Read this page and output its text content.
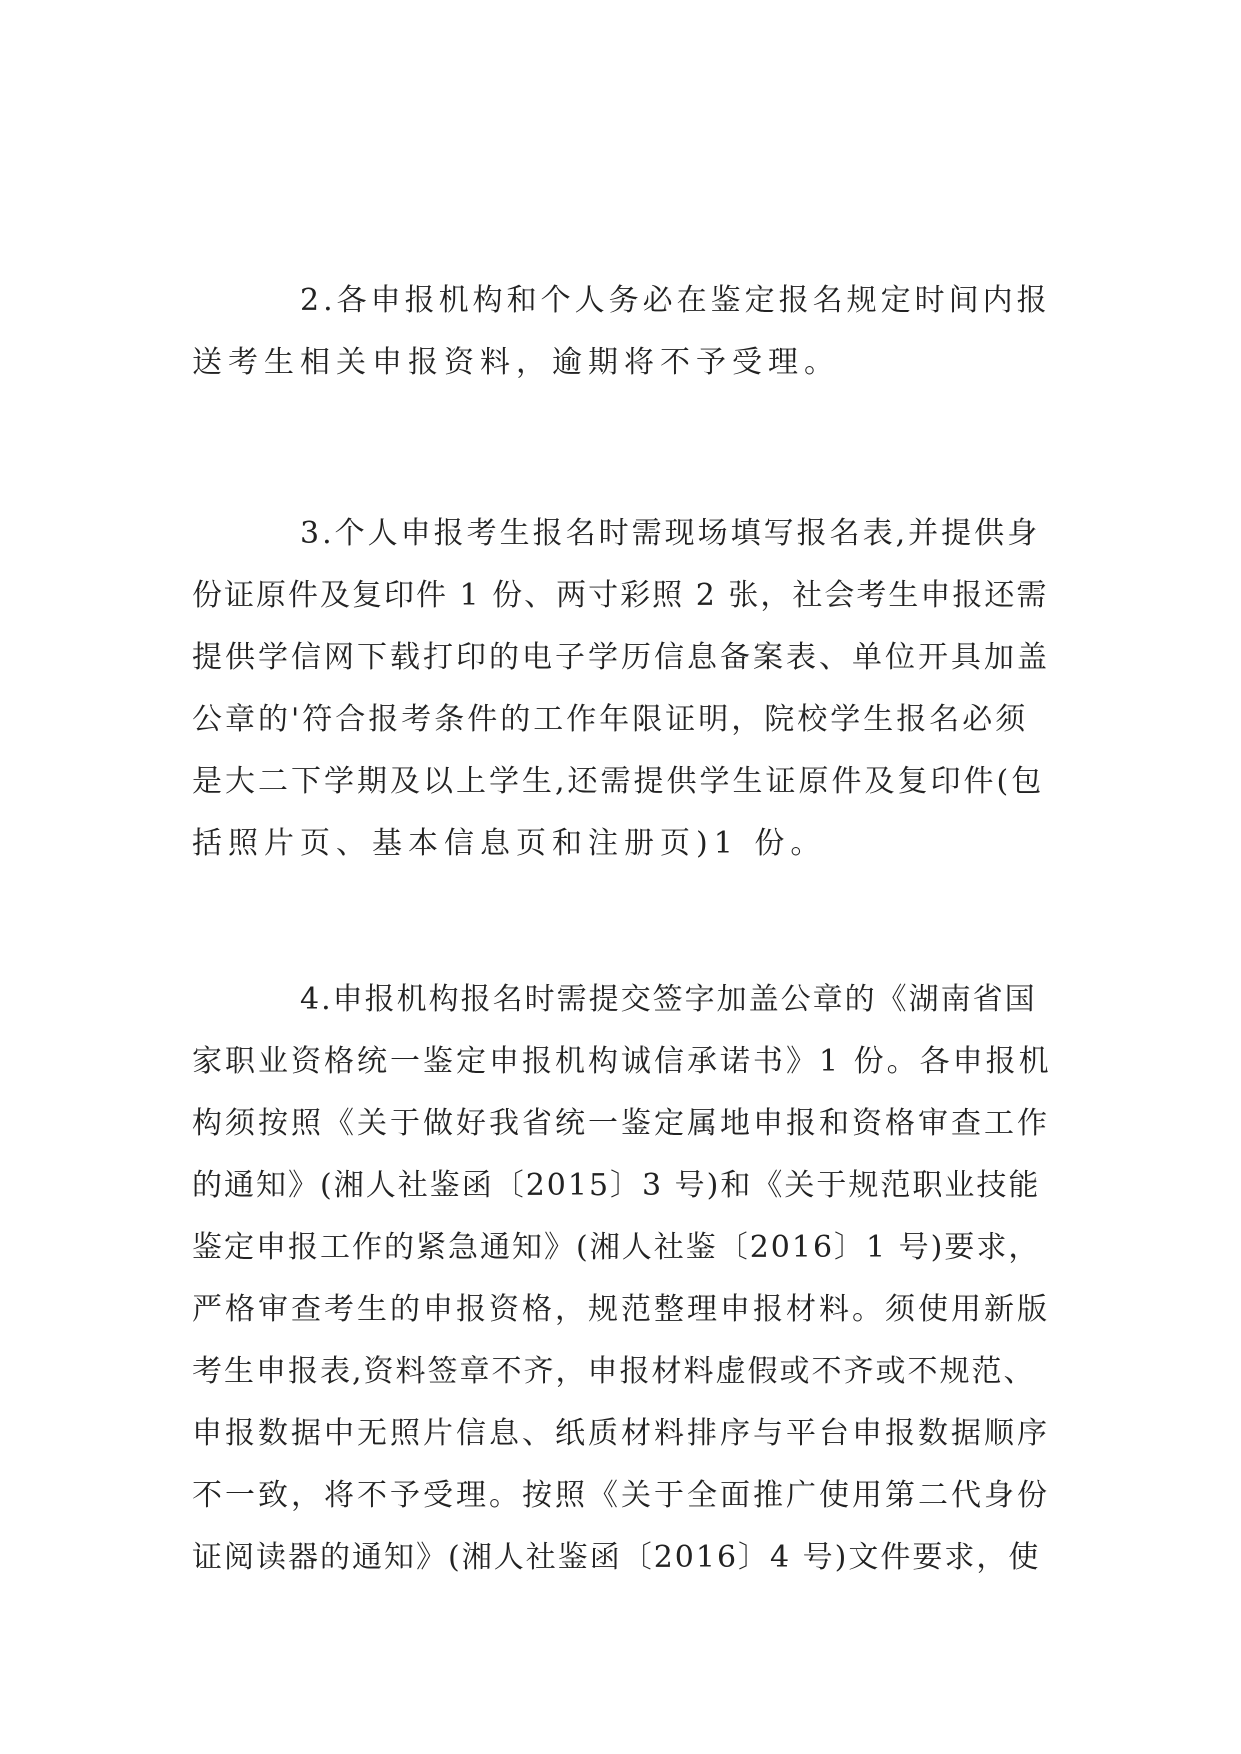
2.各申报机构和个人务必在鉴定报名规定时间内报
送考生相关申报资料，逾期将不予受理。

3.个人申报考生报名时需现场填写报名表,并提供身
份证原件及复印件 1 份、两寸彩照 2 张，社会考生申报还需
提供学信网下载打印的电子学历信息备案表、单位开具加盖
公章的'符合报考条件的工作年限证明，院校学生报名必须
是大二下学期及以上学生,还需提供学生证原件及复印件(包
括照片页、基本信息页和注册页)1 份。

4.申报机构报名时需提交签字加盖公章的《湖南省国
家职业资格统一鉴定申报机构诚信承诺书》1 份。各申报机
构须按照《关于做好我省统一鉴定属地申报和资格审查工作
的通知》(湘人社鉴函〔2015〕3 号)和《关于规范职业技能
鉴定申报工作的紧急通知》(湘人社鉴〔2016〕1 号)要求，
严格审查考生的申报资格，规范整理申报材料。须使用新版
考生申报表,资料签章不齐，申报材料虚假或不齐或不规范、
申报数据中无照片信息、纸质材料排序与平台申报数据顺序
不一致，将不予受理。按照《关于全面推广使用第二代身份
证阅读器的通知》(湘人社鉴函〔2016〕4 号)文件要求，使
